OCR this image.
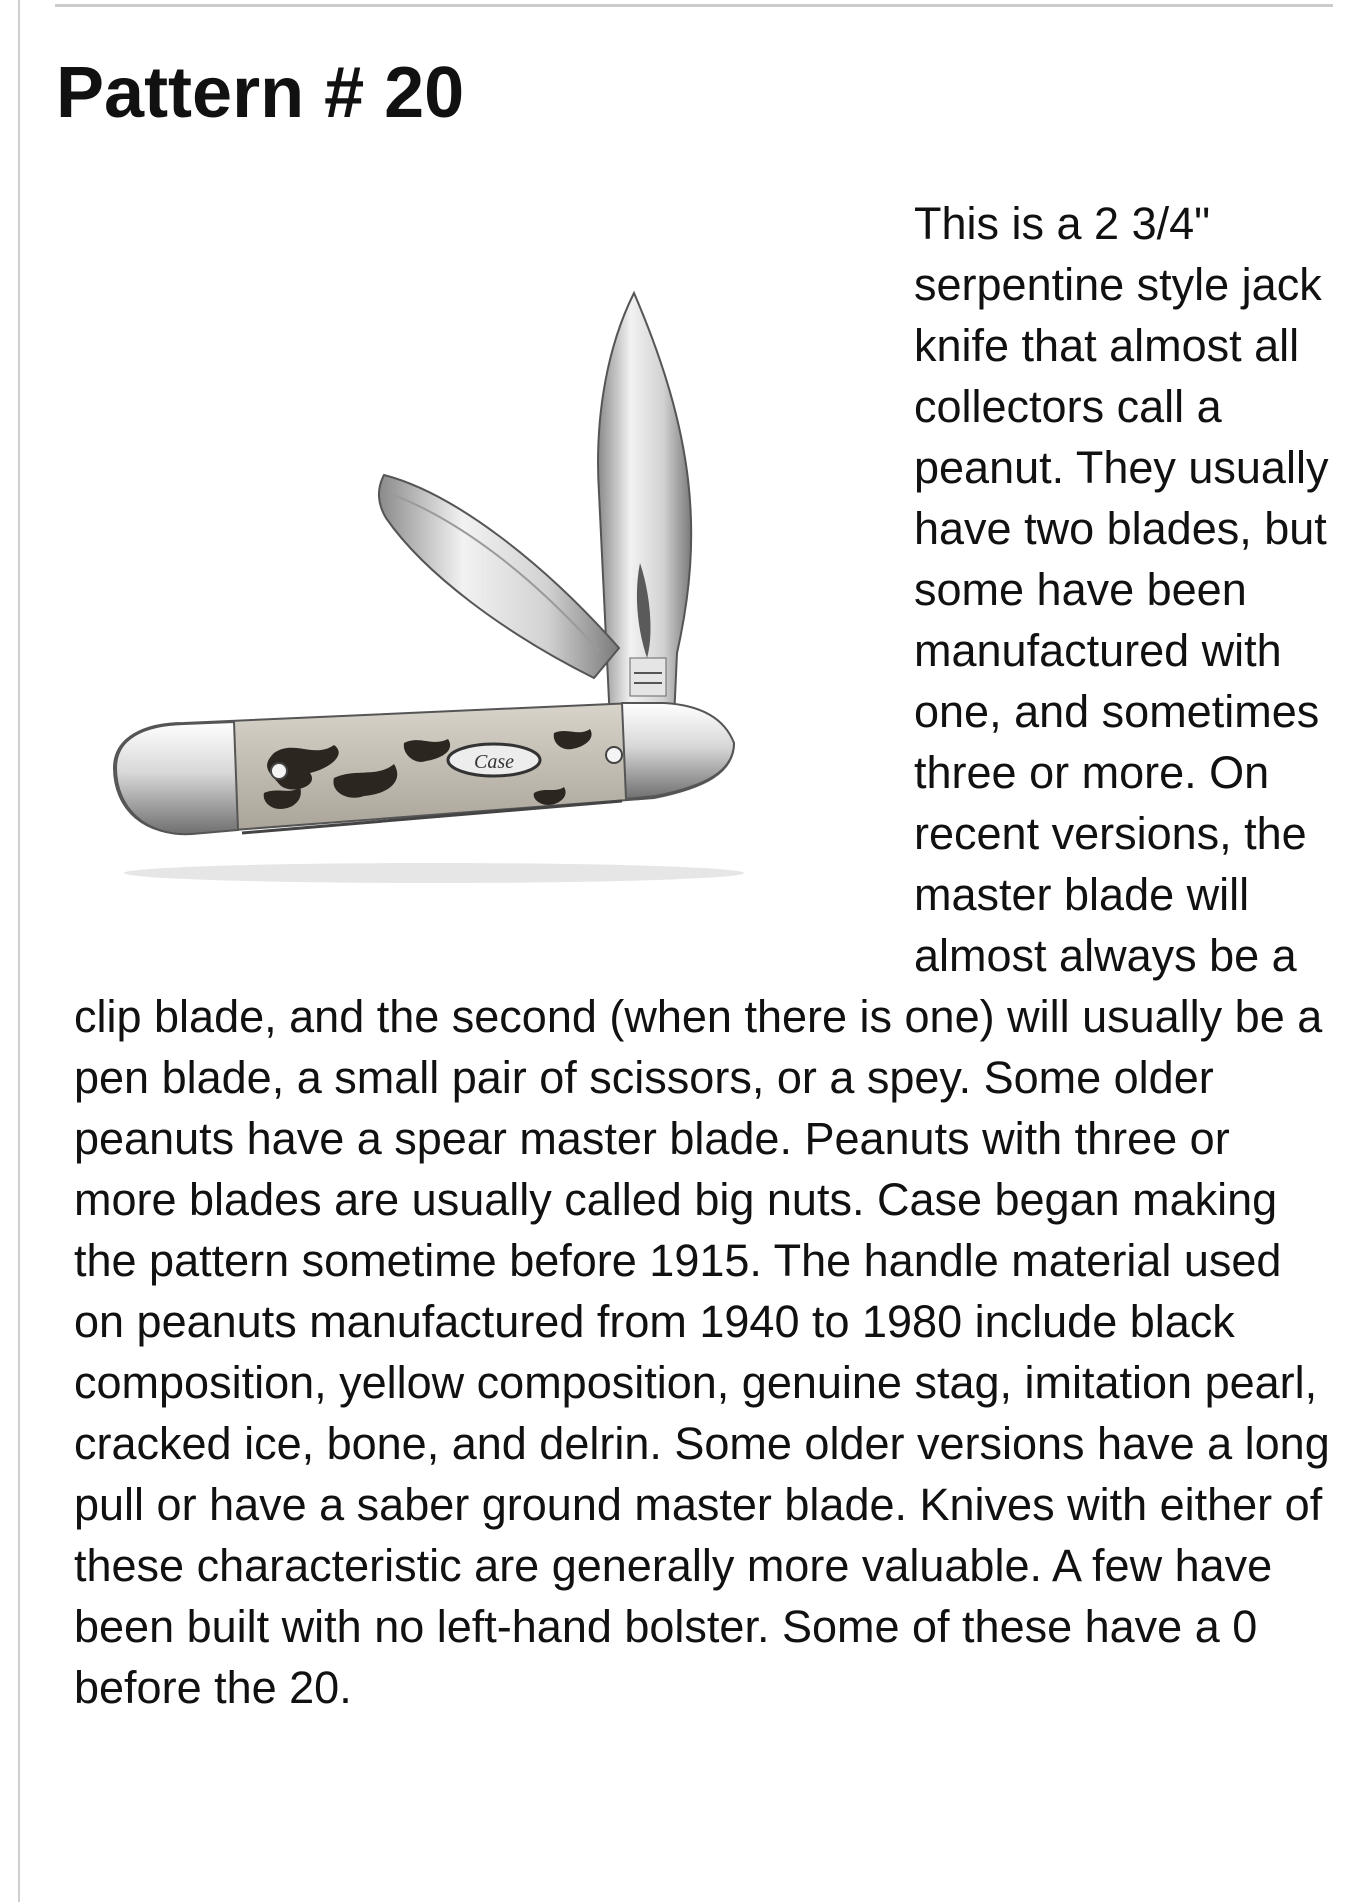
Pattern # 20
Case

This is a 2 3/4" serpentine style jack knife that almost all collectors call a peanut. They usually have two blades, but some have been manufactured with one, and sometimes three or more. On recent versions, the master blade will almost always be a clip blade, and the second (when there is one) will usually be a pen blade, a small pair of scissors, or a spey. Some older peanuts have a spear master blade. Peanuts with three or more blades are usually called big nuts. Case began making the pattern sometime before 1915. The handle material used on peanuts manufactured from 1940 to 1980 include black composition, yellow composition, genuine stag, imitation pearl, cracked ice, bone, and delrin. Some older versions have a long pull or have a saber ground master blade. Knives with either of these characteristic are generally more valuable. A few have been built with no left-hand bolster. Some of these have a 0 before the 20.
